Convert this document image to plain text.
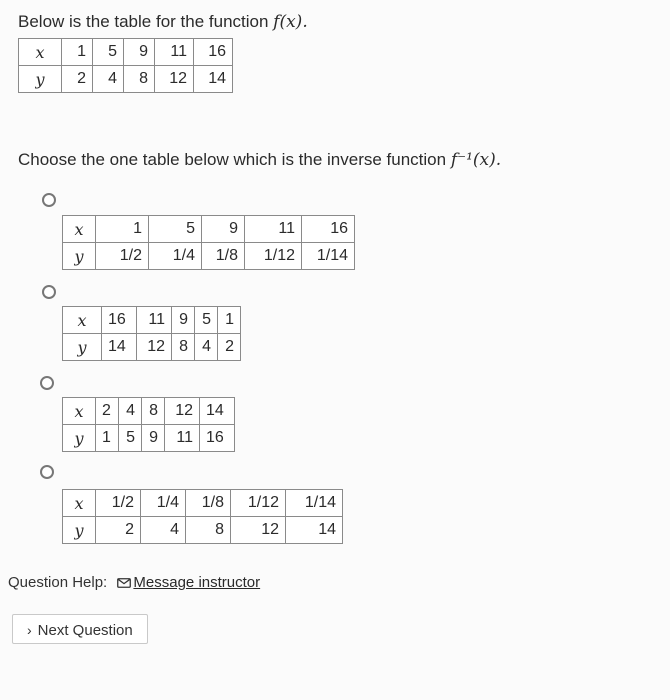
Below is the table for the function f(x).
x	1	5	9	11	16
y	2	4	8	12	14
Choose the one table below which is the inverse function f⁻¹(x).
x	1	5	9	11	16
y	1/2	1/4	1/8	1/12	1/14
x	16	11	9	5	1
y	14	12	8	4	2
x	2	4	8	12	14
y	1	5	9	11	16
x	1/2	1/4	1/8	1/12	1/14
y	2	4	8	12	14
Question Help: Message instructor
› Next Question
